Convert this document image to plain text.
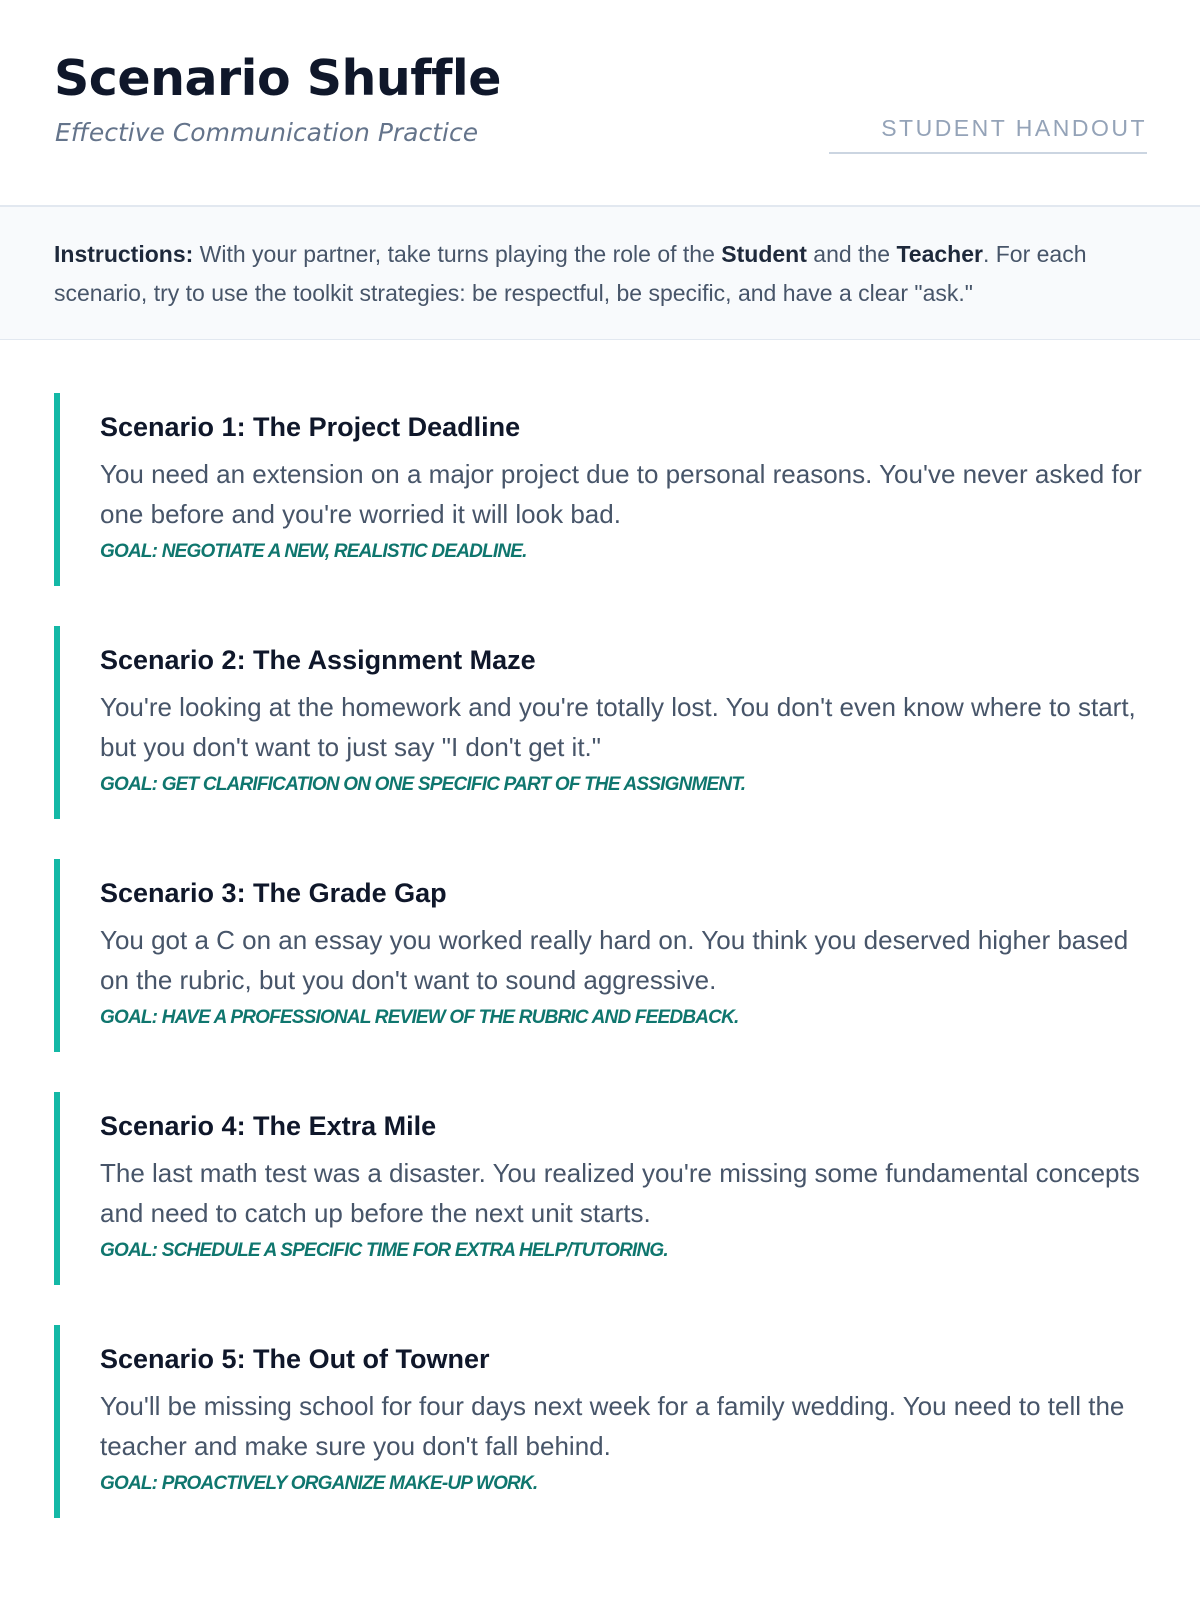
Scenario Shuffle
Effective Communication Practice	STUDENT HANDOUT
Instructions: With your partner, take turns playing the role of the Student and the Teacher. For each scenario, try to use the toolkit strategies: be respectful, be specific, and have a clear "ask."
Scenario 1: The Project Deadline
You need an extension on a major project due to personal reasons. You've never asked for one before and you're worried it will look bad.
GOAL: NEGOTIATE A NEW, REALISTIC DEADLINE.
Scenario 2: The Assignment Maze
You're looking at the homework and you're totally lost. You don't even know where to start, but you don't want to just say "I don't get it."
GOAL: GET CLARIFICATION ON ONE SPECIFIC PART OF THE ASSIGNMENT.
Scenario 3: The Grade Gap
You got a C on an essay you worked really hard on. You think you deserved higher based on the rubric, but you don't want to sound aggressive.
GOAL: HAVE A PROFESSIONAL REVIEW OF THE RUBRIC AND FEEDBACK.
Scenario 4: The Extra Mile
The last math test was a disaster. You realized you're missing some fundamental concepts and need to catch up before the next unit starts.
GOAL: SCHEDULE A SPECIFIC TIME FOR EXTRA HELP/TUTORING.
Scenario 5: The Out of Towner
You'll be missing school for four days next week for a family wedding. You need to tell the teacher and make sure you don't fall behind.
GOAL: PROACTIVELY ORGANIZE MAKE-UP WORK.
